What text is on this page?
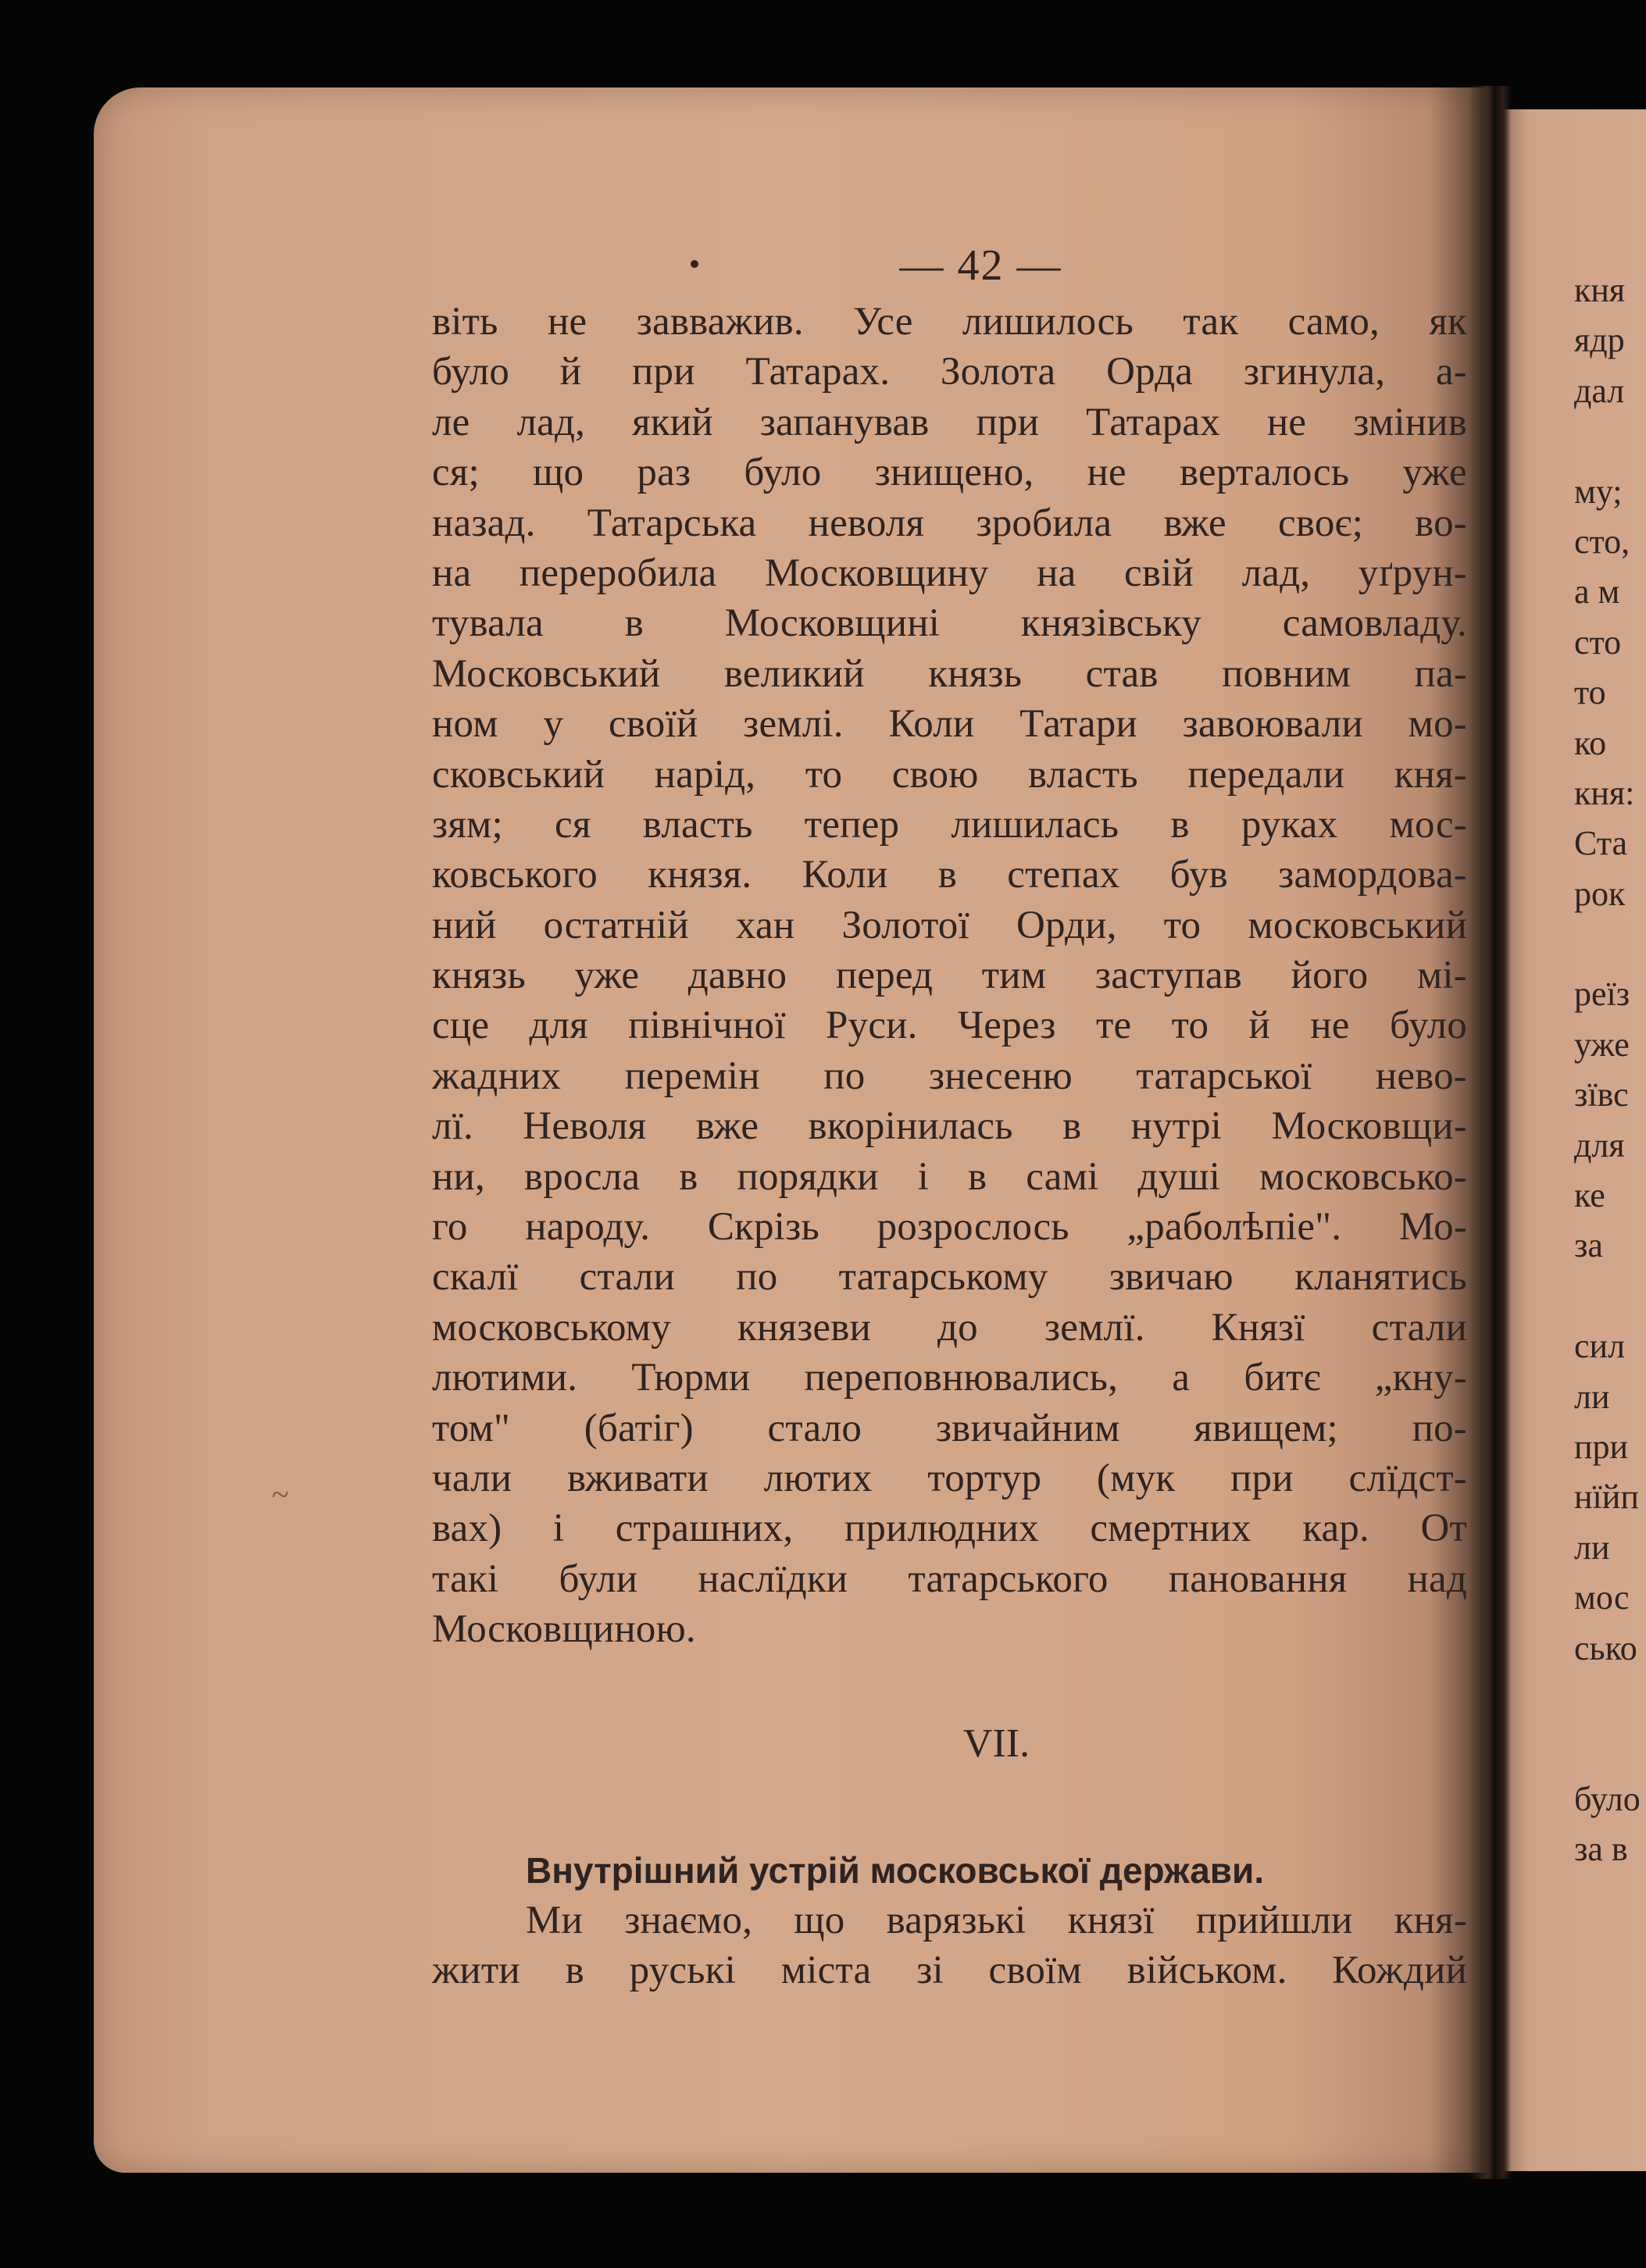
~
— 42 —
віть не завважив. Усе лишилось так само, як
було й при Татарах. Золота Орда згинула, а-
ле лад, який запанував при Татарах не змінив
ся; що раз було знищено, не верталось уже
назад. Татарська неволя зробила вже своє; во-
на переробила Московщину на свій лад, уґрун-
тувала в Московщині князівську самовладу.
Московський великий князь став повним па-
ном у своїй землі. Коли Татари завоювали мо-
сковський нарід, то свою власть передали кня-
зям; ся власть тепер лишилась в руках мос-
ковського князя. Коли в степах був замордова-
ний остатній хан Золотої Орди, то московський
князь уже давно перед тим заступав його мі-
сце для північної Руси. Через те то й не було
жадних перемін по знесеню татарської нево-
лї. Неволя вже вкорінилась в нутрі Московщи-
ни, вросла в порядки і в самі душі московсько-
го народу. Скрізь розрослось „раболѣпіе". Мо-
скалї стали по татарському звичаю кланятись
московському князеви до землї. Князї стали
лютими. Тюрми переповнювались, а битє „кну-
том" (батіг) стало звичайним явищем; по-
чали вживати лютих тортур (мук при слїдст-
вах) і страшних, прилюдних смертних кар. От
такі були наслїдки татарського пановання над
Московщиною.
VII.
Внутрішний устрій московської держави.
Ми знаємо, що варязькі князї прийшли кня-
жити в руські міста зі своїм військом. Кождий
кня
ядр
дал
му;
сто,
а м
сто
то
ко
кня:
Ста
рок
реїз
уже
зївс
для
ке
за
сил
ли
при
нїйп
ли
мос
сько
було
за в
